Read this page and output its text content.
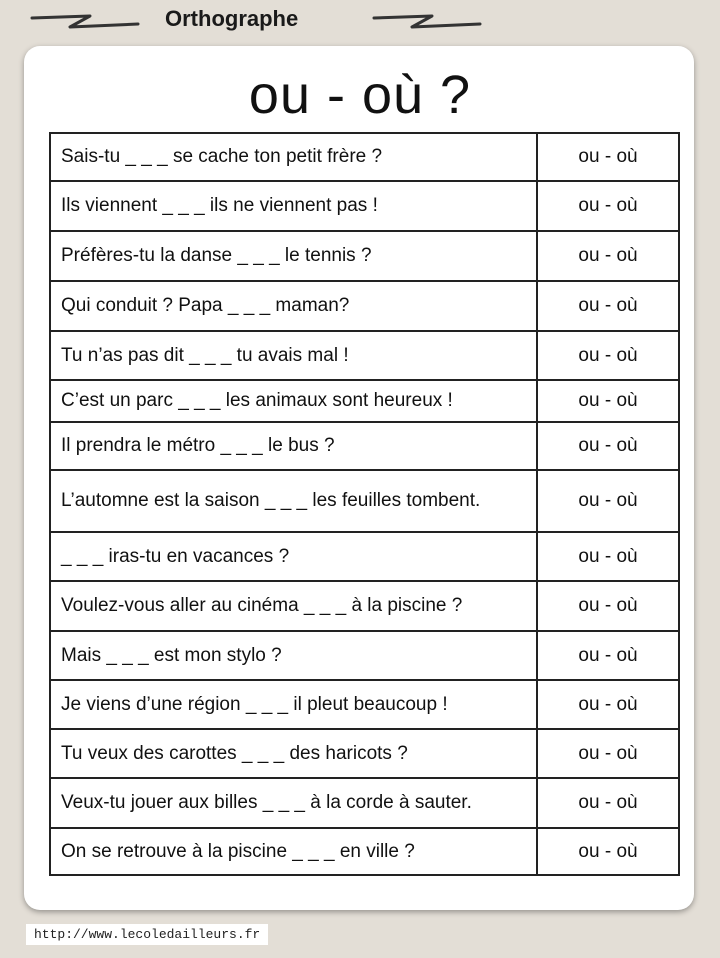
Orthographe
ou - où ?
Sais-tu _ _ _ se cache ton petit frère ?	ou - où
Ils viennent _ _ _ ils ne viennent pas !	ou - où
Préfères-tu la danse _ _ _ le tennis ?	ou - où
Qui conduit ? Papa _ _ _ maman?	ou - où
Tu n’as pas dit _ _ _ tu avais mal !	ou - où
C’est un parc _ _ _ les animaux sont heureux !	ou - où
Il prendra le métro _ _ _ le bus ?	ou - où
L’automne est la saison _ _ _ les feuilles tombent.	ou - où
_ _ _ iras-tu en vacances ?	ou - où
Voulez-vous aller au cinéma _ _ _ à la piscine ?	ou - où
Mais _ _ _ est mon stylo ?	ou - où
Je viens d’une région _ _ _ il pleut beaucoup !	ou - où
Tu veux des carottes _ _ _ des haricots ?	ou - où
Veux-tu jouer aux billes _ _ _ à la corde à sauter.	ou - où
On se retrouve à la piscine _ _ _ en ville ?	ou - où
http://www.lecoledailleurs.fr
